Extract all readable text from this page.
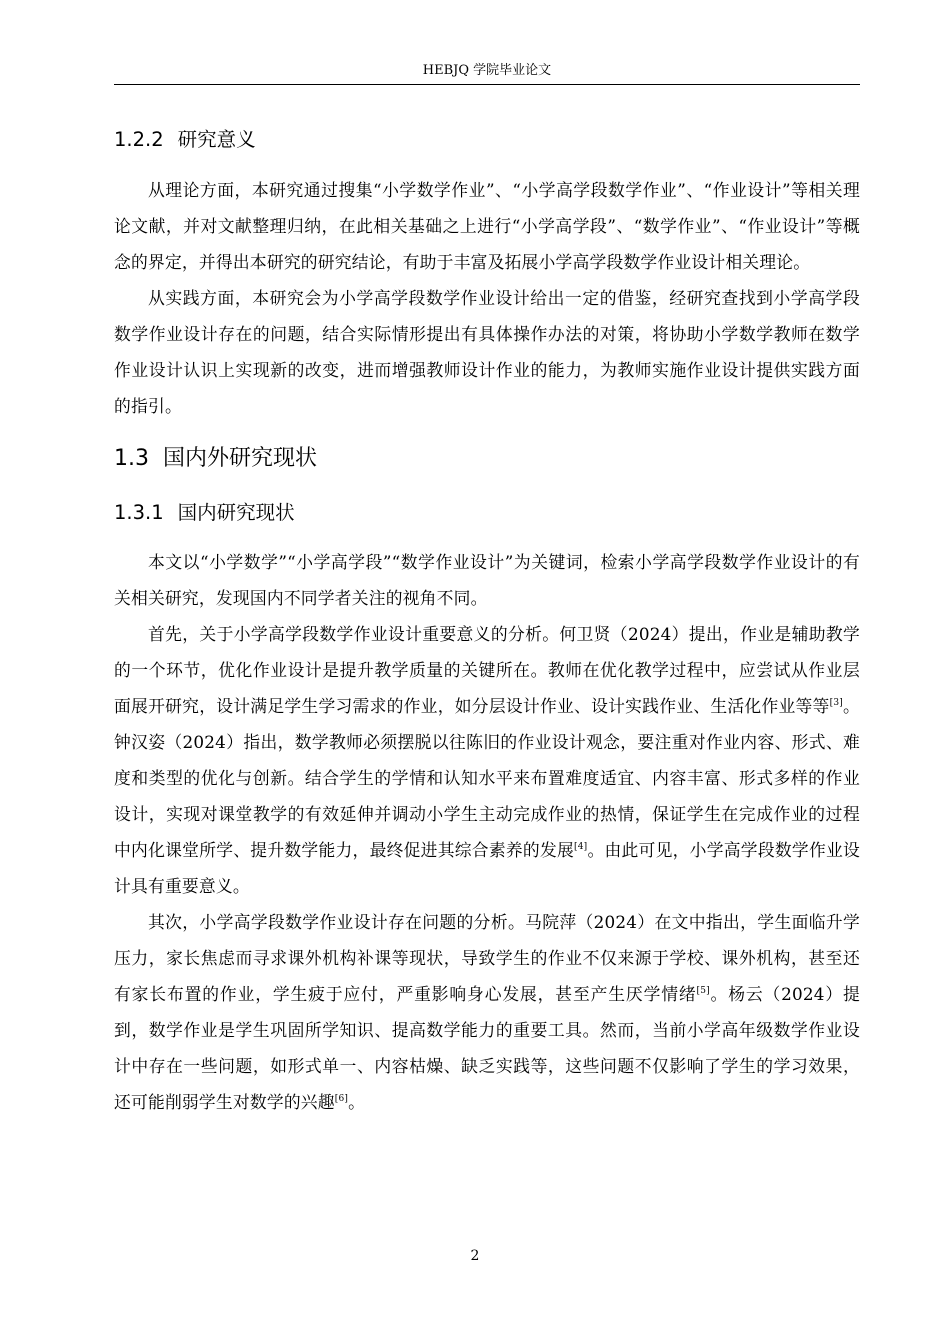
HEBJQ 学院毕业论文
1.2.2 研究意义

从理论方面，本研究通过搜集“小学数学作业”、“小学高学段数学作业”、“作业设计”等相关理论文献，并对文献整理归纳，在此相关基础之上进行“小学高学段”、“数学作业”、“作业设计”等概念的界定，并得出本研究的研究结论，有助于丰富及拓展小学高学段数学作业设计相关理论。

从实践方面，本研究会为小学高学段数学作业设计给出一定的借鉴，经研究查找到小学高学段数学作业设计存在的问题，结合实际情形提出有具体操作办法的对策，将协助小学数学教师在数学作业设计认识上实现新的改变，进而增强教师设计作业的能力，为教师实施作业设计提供实践方面的指引。

1.3 国内外研究现状
1.3.1 国内研究现状

本文以“小学数学”“小学高学段”“数学作业设计”为关键词，检索小学高学段数学作业设计的有关相关研究，发现国内不同学者关注的视角不同。

首先，关于小学高学段数学作业设计重要意义的分析。何卫贤（2024）提出，作业是辅助教学的一个环节，优化作业设计是提升教学质量的关键所在。教师在优化教学过程中，应尝试从作业层面展开研究，设计满足学生学习需求的作业，如分层设计作业、设计实践作业、生活化作业等等[3]。钟汉姿（2024）指出，数学教师必须摆脱以往陈旧的作业设计观念，要注重对作业内容、形式、难度和类型的优化与创新。结合学生的学情和认知水平来布置难度适宜、内容丰富、形式多样的作业设计，实现对课堂教学的有效延伸并调动小学生主动完成作业的热情，保证学生在完成作业的过程中内化课堂所学、提升数学能力，最终促进其综合素养的发展[4]。由此可见，小学高学段数学作业设计具有重要意义。

其次，小学高学段数学作业设计存在问题的分析。马院萍（2024）在文中指出，学生面临升学压力，家长焦虑而寻求课外机构补课等现状，导致学生的作业不仅来源于学校、课外机构，甚至还有家长布置的作业，学生疲于应付，严重影响身心发展，甚至产生厌学情绪[5]。杨云（2024）提到，数学作业是学生巩固所学知识、提高数学能力的重要工具。然而，当前小学高年级数学作业设计中存在一些问题，如形式单一、内容枯燥、缺乏实践等，这些问题不仅影响了学生的学习效果，还可能削弱学生对数学的兴趣[6]。

2
